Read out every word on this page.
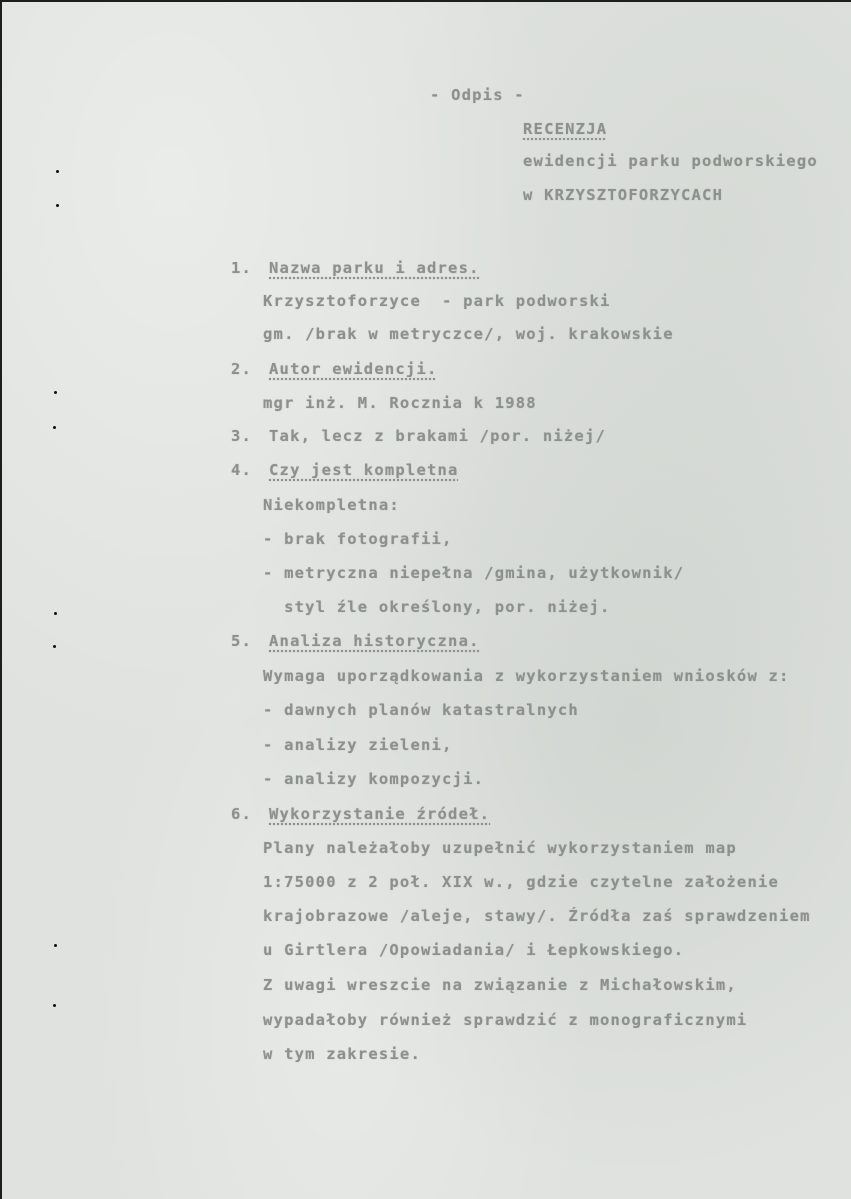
- Odpis -
RECENZJA
ewidencji parku podworskiego
w KRZYSZTOFORZYCACH
1. Nazwa parku i adres.
Krzysztoforzyce  - park podworski
gm. /brak w metryczce/, woj. krakowskie
2. Autor ewidencji.
mgr inż. M. Rocznia k 1988
3. Tak, lecz z brakami /por. niżej/
4. Czy jest kompletna
Niekompletna:
- brak fotografii,
- metryczna niepełna /gmina, użytkownik/
styl źle określony, por. niżej.
5. Analiza historyczna.
Wymaga uporządkowania z wykorzystaniem wniosków z:
- dawnych planów katastralnych
- analizy zieleni,
- analizy kompozycji.
6. Wykorzystanie źródeł.
Plany należałoby uzupełnić wykorzystaniem map
1:75000 z 2 poł. XIX w., gdzie czytelne założenie
krajobrazowe /aleje, stawy/. Źródła zaś sprawdzeniem
u Girtlera /Opowiadania/ i Łepkowskiego.
Z uwagi wreszcie na związanie z Michałowskim,
wypadałoby również sprawdzić z monograficznymi
w tym zakresie.
